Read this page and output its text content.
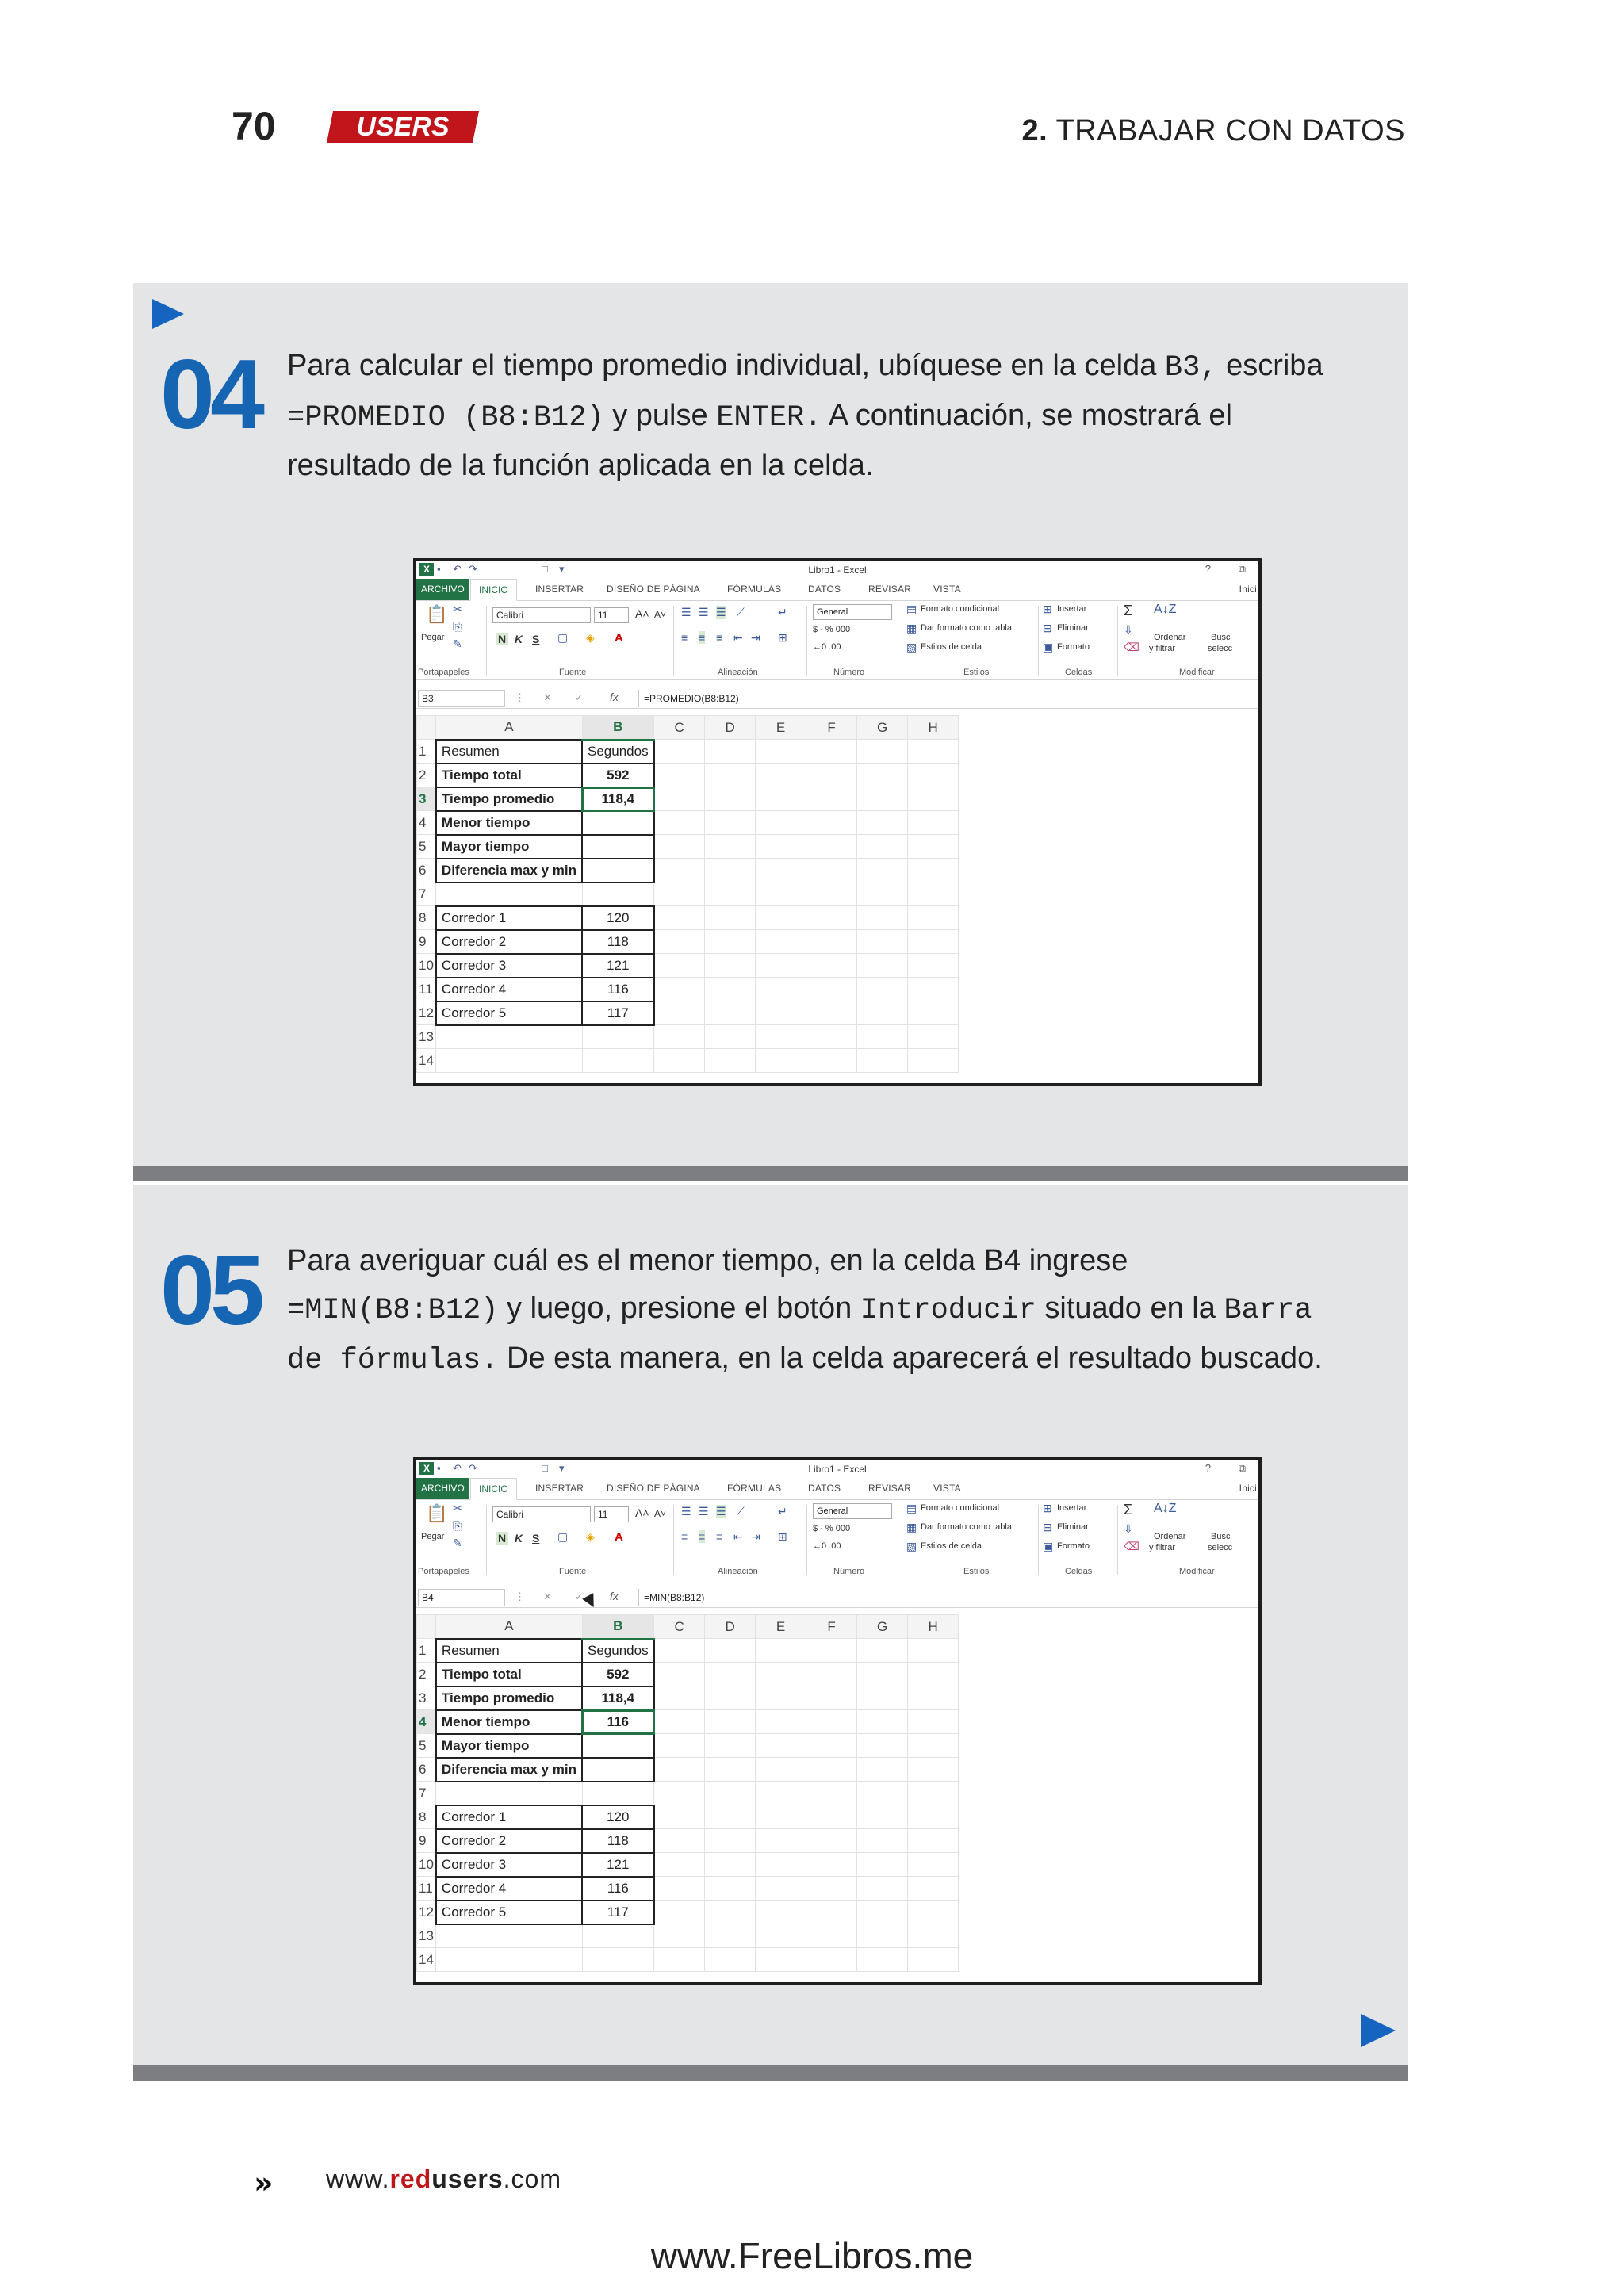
70	USERS	2. TRABAJAR CON DATOS
04 Para calcular el tiempo promedio individual, ubíquese en la celda B3, escriba =PROMEDIO (B8:B12) y pulse ENTER. A continuación, se mostrará el resultado de la función aplicada en la celda.
X ▪ ↶ ↷	□ ▾	Libro1 - Excel	?	⧉
ARCHIVO	INICIO	INSERTAR DISEÑO DE PÁGINA	FÓRMULAS	DATOS	REVISAR VISTA	Inici
📋
Pegar
✂
⎘
✎
Portapapeles
Calibri	11	A˄ A˅
N K S ▢ ◈ A
Fuente
☰ ☰ ☰ ⟋
≡ ≡ ≡ ⇤ ⇥
↵
⊞
Alineación
General
$ - % 000
←0 .00
Número
▤ Formato condicional
▦ Dar formato como tabla
▧ Estilos de celda
Estilos
⊞ Insertar
⊟ Eliminar
▣ Formato
Celdas
Σ
⇩
⌫
A↓Z
Ordenar
y filtrar
Busc
selecc
Modificar
B3	⋮ ✕ ✓ fx	=PROMEDIO(B8:B12)
	A	B	C	D	E	F	G	H
1	Resumen	Segundos						
2	Tiempo total	592						
3	Tiempo promedio	118,4						
4	Menor tiempo							
5	Mayor tiempo							
6	Diferencia max y min							
7								
8	Corredor 1	120						
9	Corredor 2	118						
10	Corredor 3	121						
11	Corredor 4	116						
12	Corredor 5	117						
13								
14								
05 Para averiguar cuál es el menor tiempo, en la celda B4 ingrese =MIN(B8:B12) y luego, presione el botón Introducir situado en la Barra de fórmulas. De esta manera, en la celda aparecerá el resultado buscado.
X ▪ ↶ ↷	□ ▾	Libro1 - Excel	?	⧉
ARCHIVO	INICIO	INSERTAR DISEÑO DE PÁGINA	FÓRMULAS	DATOS	REVISAR VISTA	Inici
📋
Pegar
✂
⎘
✎
Portapapeles
Calibri	11	A˄ A˅
N K S ▢ ◈ A
Fuente
☰ ☰ ☰ ⟋
≡ ≡ ≡ ⇤ ⇥
↵
⊞
Alineación
General
$ - % 000
←0 .00
Número
▤ Formato condicional
▦ Dar formato como tabla
▧ Estilos de celda
Estilos
⊞ Insertar
⊟ Eliminar
▣ Formato
Celdas
Σ
⇩
⌫
A↓Z
Ordenar
y filtrar
Busc
selecc
Modificar
B4	⋮ ✕ ✓ fx	=MIN(B8:B12)
	A	B	C	D	E	F	G	H
1	Resumen	Segundos						
2	Tiempo total	592						
3	Tiempo promedio	118,4						
4	Menor tiempo	116						
5	Mayor tiempo							
6	Diferencia max y min							
7								
8	Corredor 1	120						
9	Corredor 2	118						
10	Corredor 3	121						
11	Corredor 4	116						
12	Corredor 5	117						
13								
14								
» www.redusers.com
www.FreeLibros.me
